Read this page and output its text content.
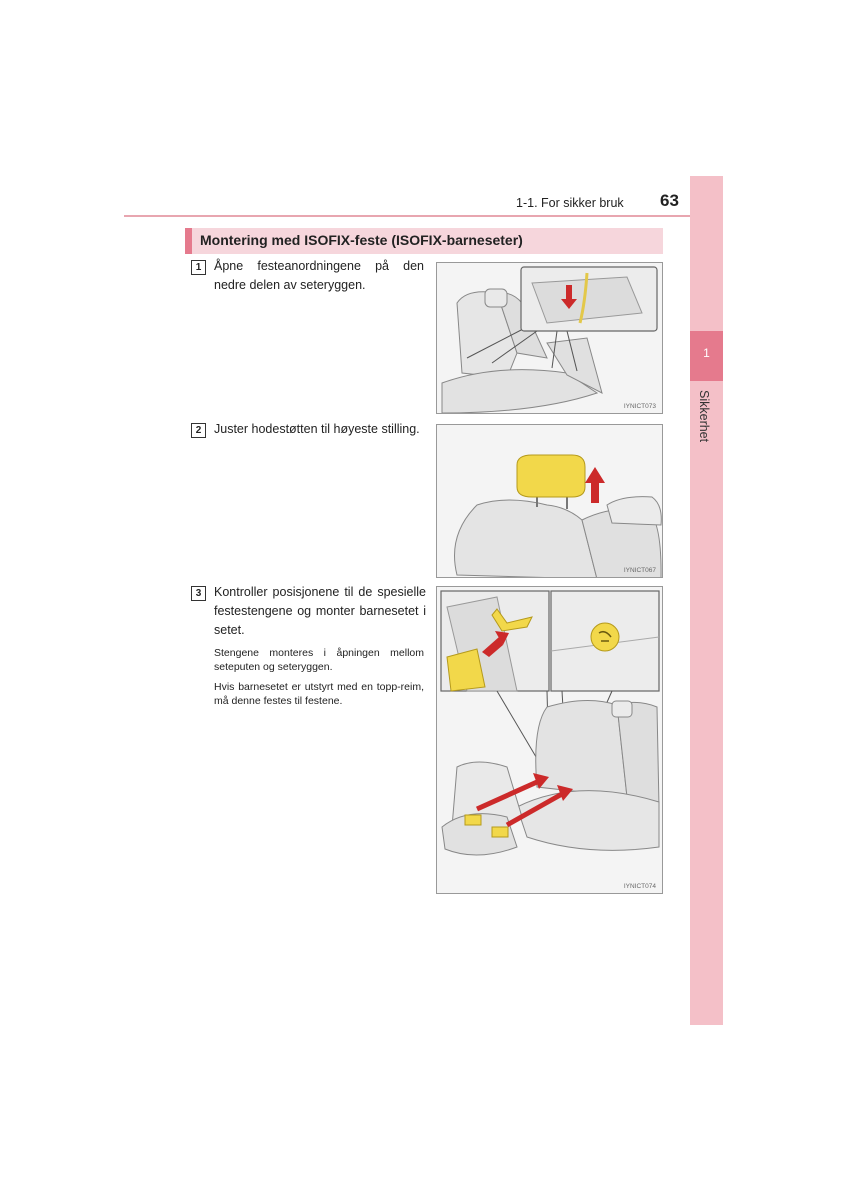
1-1. For sikker bruk 63
1
Sikkerhet
Montering med ISOFIX-feste (ISOFIX-barneseter)
1	Åpne festeanordningene på den nedre delen av seteryggen.
IYNICT073
2	Juster hodestøtten til høyeste stilling.
IYNICT067
3	Kontroller posisjonene til de spesielle festestengene og monter barnesetet i setet.
Stengene monteres i åpningen mellom seteputen og seteryggen.
Hvis barnesetet er utstyrt med en topp-reim, må denne festes til festene.
IYNICT074
